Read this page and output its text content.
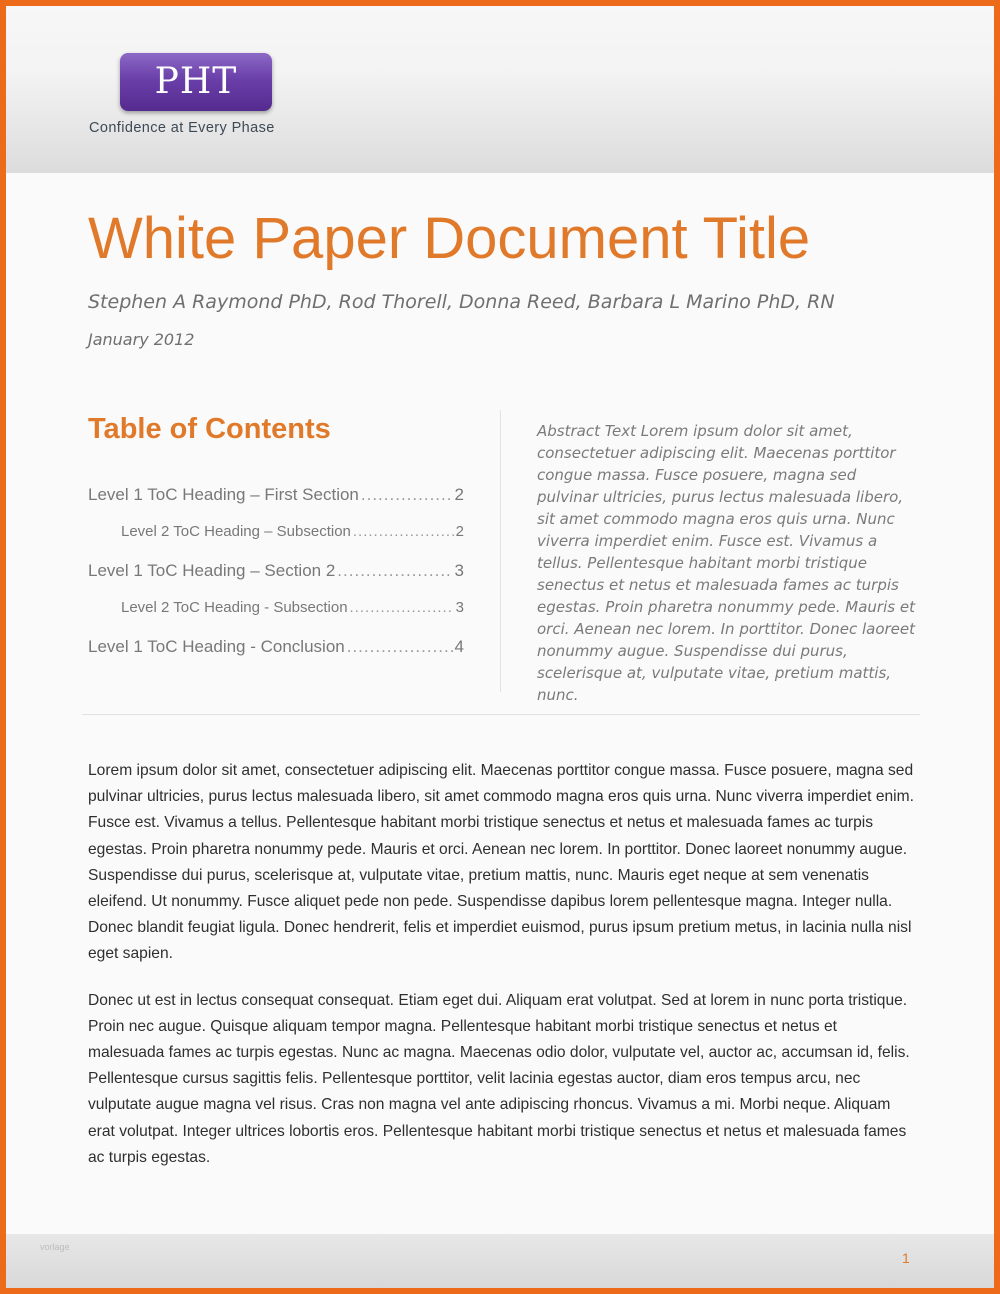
PHT
Confidence at Every Phase
White Paper Document Title
Stephen A Raymond PhD, Rod Thorell, Donna Reed, Barbara L Marino PhD, RN
January 2012
Table of Contents
Level 1 ToC Heading – First Section .....	2
Level 2 ToC Heading – Subsection .....	2
Level 1 ToC Heading – Section 2 .....	3
Level 2 ToC Heading - Subsection .....	3
Level 1 ToC Heading - Conclusion .....	4

Abstract Text Lorem ipsum dolor sit amet, consectetuer adipiscing elit. Maecenas porttitor congue massa. Fusce posuere, magna sed pulvinar ultricies, purus lectus malesuada libero, sit amet commodo magna eros quis urna. Nunc viverra imperdiet enim. Fusce est. Vivamus a tellus. Pellentesque habitant morbi tristique senectus et netus et malesuada fames ac turpis egestas. Proin pharetra nonummy pede. Mauris et orci. Aenean nec lorem. In porttitor. Donec laoreet nonummy augue. Suspendisse dui purus, scelerisque at, vulputate vitae, pretium mattis, nunc.

Lorem ipsum dolor sit amet, consectetuer adipiscing elit. Maecenas porttitor congue massa. Fusce posuere, magna sed pulvinar ultricies, purus lectus malesuada libero, sit amet commodo magna eros quis urna. Nunc viverra imperdiet enim. Fusce est. Vivamus a tellus. Pellentesque habitant morbi tristique senectus et netus et malesuada fames ac turpis egestas. Proin pharetra nonummy pede. Mauris et orci. Aenean nec lorem. In porttitor. Donec laoreet nonummy augue. Suspendisse dui purus, scelerisque at, vulputate vitae, pretium mattis, nunc. Mauris eget neque at sem venenatis eleifend. Ut nonummy. Fusce aliquet pede non pede. Suspendisse dapibus lorem pellentesque magna. Integer nulla. Donec blandit feugiat ligula. Donec hendrerit, felis et imperdiet euismod, purus ipsum pretium metus, in lacinia nulla nisl eget sapien.

Donec ut est in lectus consequat consequat. Etiam eget dui. Aliquam erat volutpat. Sed at lorem in nunc porta tristique. Proin nec augue. Quisque aliquam tempor magna. Pellentesque habitant morbi tristique senectus et netus et malesuada fames ac turpis egestas. Nunc ac magna. Maecenas odio dolor, vulputate vel, auctor ac, accumsan id, felis. Pellentesque cursus sagittis felis. Pellentesque porttitor, velit lacinia egestas auctor, diam eros tempus arcu, nec vulputate augue magna vel risus. Cras non magna vel ante adipiscing rhoncus. Vivamus a mi. Morbi neque. Aliquam erat volutpat. Integer ultrices lobortis eros. Pellentesque habitant morbi tristique senectus et netus et malesuada fames ac turpis egestas.

vorlage
1
